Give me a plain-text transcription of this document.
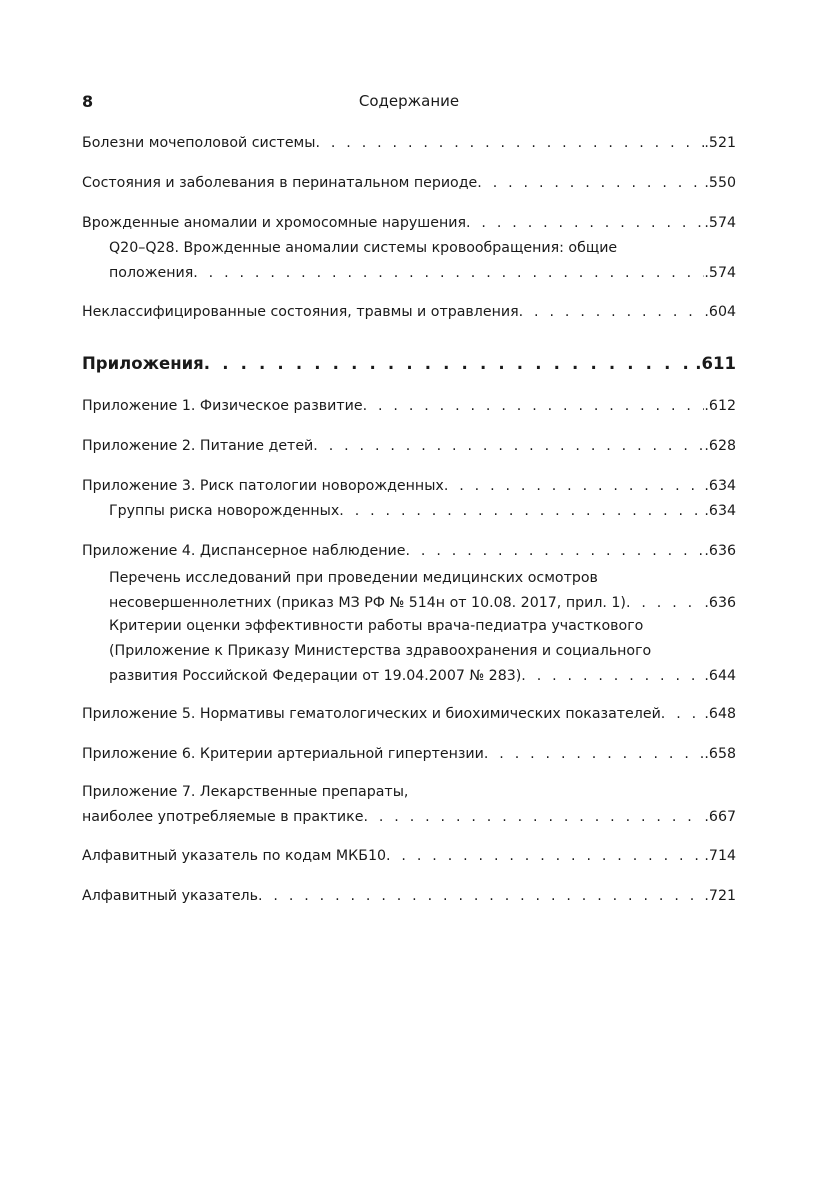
8	Содержание
Болезни мочеполовой системы . . .	.521
Состояния и заболевания в перинатальном периоде . . .	.550
Врожденные аномалии и хромосомные нарушения . . .	.574
Q20–Q28. Врожденные аномалии системы кровообращения: общие
положения . . .	.574
Неклассифицированные состояния, травмы и отравления . . .	.604
Приложения . . .	.611
Приложение 1. Физическое развитие . . .	.612
Приложение 2. Питание детей . . .	.628
Приложение 3. Риск патологии новорожденных . . .	.634
Группы риска новорожденных . . .	.634
Приложение 4. Диспансерное наблюдение . . .	.636
Перечень исследований при проведении медицинских осмотров
несовершеннолетних (приказ МЗ РФ № 514н от 10.08. 2017, прил. 1) . . .	.636
Критерии оценки эффективности работы врача-педиатра участкового
(Приложение к Приказу Министерства здравоохранения и социального
развития Российской Федерации от 19.04.2007 № 283) . . .	.644
Приложение 5. Нормативы гематологических и биохимических показателей . . .	.648
Приложение 6. Критерии артериальной гипертензии . . .	.658
Приложение 7. Лекарственные препараты,
наиболее употребляемые в практике . . .	.667
Алфавитный указатель по кодам МКБ10 . . .	.714
Алфавитный указатель . . .	.721
